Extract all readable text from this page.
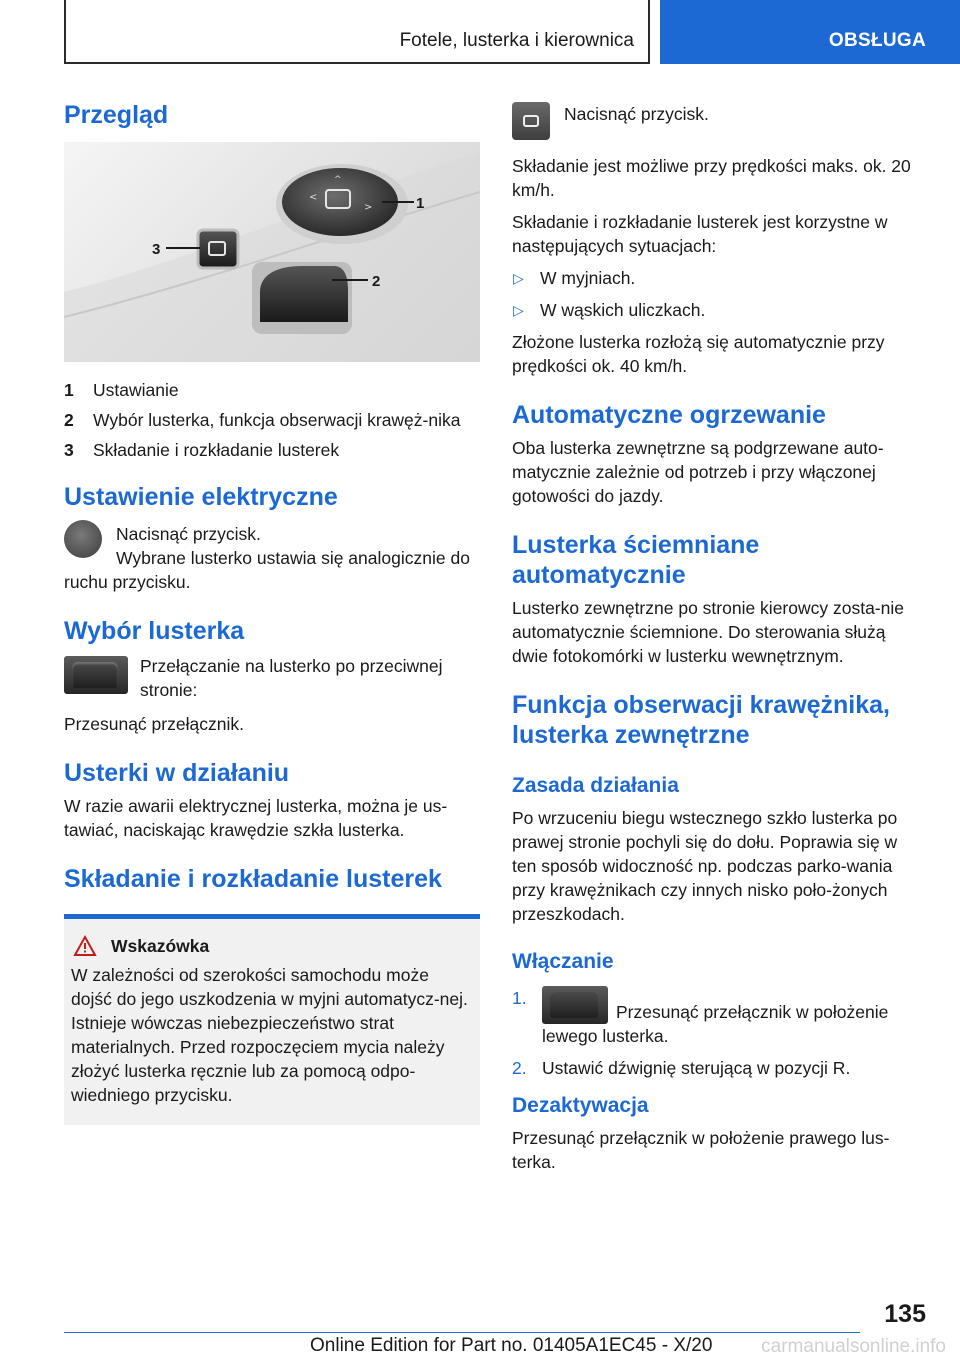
Fotele, lusterka i kierownica	OBSŁUGA
Przegląd
<
>
^
1
2
3
1 Ustawianie
2 Wybór lusterka, funkcja obserwacji krawęż-nika
3 Składanie i rozkładanie lusterek
Ustawienie elektryczne

Nacisnąć przycisk.

Wybrane lusterko ustawia się analogicznie do ruchu przycisku.

Wybór lusterka

Przełączanie na lusterko po przeciwnej stronie:

Przesunąć przełącznik.

Usterki w działaniu

W razie awarii elektrycznej lusterka, można je us-tawiać, naciskając krawędzie szkła lusterka.

Składanie i rozkładanie lusterek
Wskazówka

W zależności od szerokości samochodu może dojść do jego uszkodzenia w myjni automatycz-nej. Istnieje wówczas niebezpieczeństwo strat materialnych. Przed rozpoczęciem mycia należy złożyć lusterka ręcznie lub za pomocą odpo-wiedniego przycisku.

Nacisnąć przycisk.

Składanie jest możliwe przy prędkości maks. ok. 20 km/h.

Składanie i rozkładanie lusterek jest korzystne w następujących sytuacjach:

▷ W myjniach.
▷ W wąskich uliczkach.

Złożone lusterka rozłożą się automatycznie przy prędkości ok. 40 km/h.

Automatyczne ogrzewanie

Oba lusterka zewnętrzne są podgrzewane auto-matycznie zależnie od potrzeb i przy włączonej gotowości do jazdy.

Lusterka ściemniane automatycznie

Lusterko zewnętrzne po stronie kierowcy zosta-nie automatycznie ściemnione. Do sterowania służą dwie fotokomórki w lusterku wewnętrznym.

Funkcja obserwacji krawężnika, lusterka zewnętrzne
Zasada działania

Po wrzuceniu biegu wstecznego szkło lusterka po prawej stronie pochyli się do dołu. Poprawia się w ten sposób widoczność np. podczas parko-wania przy krawężnikach czy innych nisko poło-żonych przeszkodach.

Włączanie
1.
Przesunąć przełącznik w położenie lewego lusterka.
2. Ustawić dźwignię sterującą w pozycji R.
Dezaktywacja

Przesunąć przełącznik w położenie prawego lus-terka.

135
Online Edition for Part no. 01405A1EC45 - X/20	carmanualsonline.info
